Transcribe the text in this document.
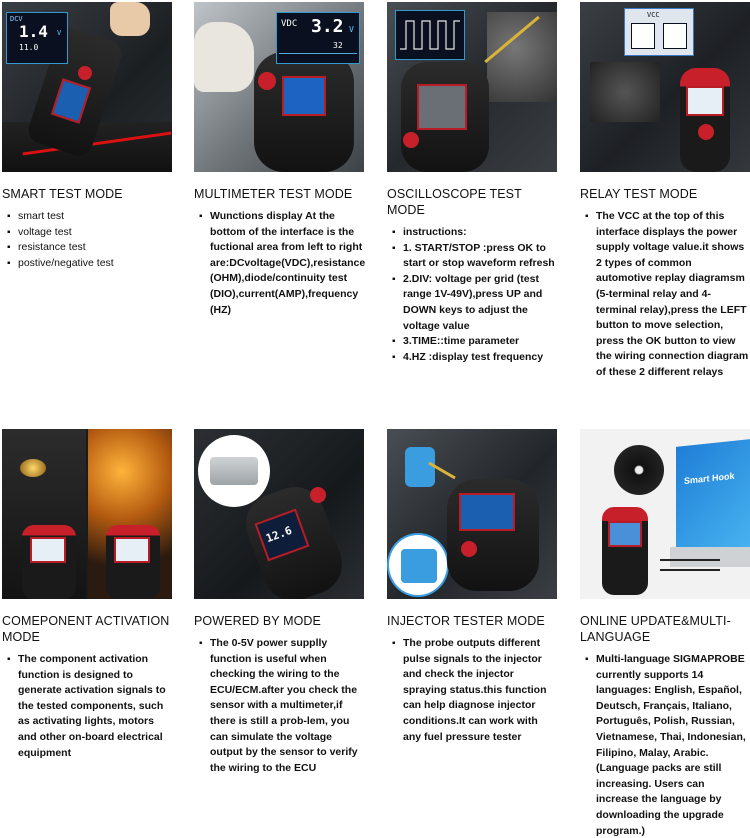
DCV
1.4 V
11.0
SMART TEST MODE
▪ smart test
▪ voltage test
▪ resistance test
▪ postive/negative test
VDC 3.2 V
32
MULTIMETER TEST MODE
▪ Wunctions display At the bottom of the interface is the fuctional area from left to right are:DCvoltage(VDC),resistance (OHM),diode/continuity test (DIO),current(AMP),frequency (HZ)
OSCILLOSCOPE TEST MODE
▪ instructions:
▪ 1. START/STOP :press OK to start or stop waveform refresh
▪ 2.DIV: voltage per grid (test range 1V-49V),press UP and DOWN keys to adjust the voltage value
▪ 3.TIME::time parameter
▪ 4.HZ :display test frequency
VCC
RELAY TEST MODE
▪ The VCC at the top of this interface displays the power supply voltage value.it shows 2 types of common automotive replay diagramsm (5-terminal relay and 4-terminal relay),press the LEFT button to move selection, press the OK button to view the wiring connection diagram of these 2 different relays
COMEPONENT ACTIVATION MODE
▪ The component activation function is designed to generate activation signals to the tested components, such as activating lights, motors and other on-board electrical equipment
12.6
POWERED BY MODE
▪ The 0-5V power supplly function is useful when checking the wiring to the ECU/ECM.after you check the sensor with a multimeter,if there is still a prob-lem, you can simulate the voltage output by the sensor to verify the wiring to the ECU
INJECTOR TESTER MODE
▪ The probe outputs different pulse signals to the injector and check the injector spraying status.this function can help diagnose injector conditions.It can work with any fuel pressure tester
Smart Hook
ONLINE UPDATE&MULTI-LANGUAGE
▪ Multi-language SIGMAPROBE currently supports 14 languages: English, Español, Deutsch, Français, Italiano, Português, Polish, Russian, Vietnamese, Thai, Indonesian, Filipino, Malay, Arabic. (Language packs are still increasing. Users can increase the language by downloading the upgrade program.)
